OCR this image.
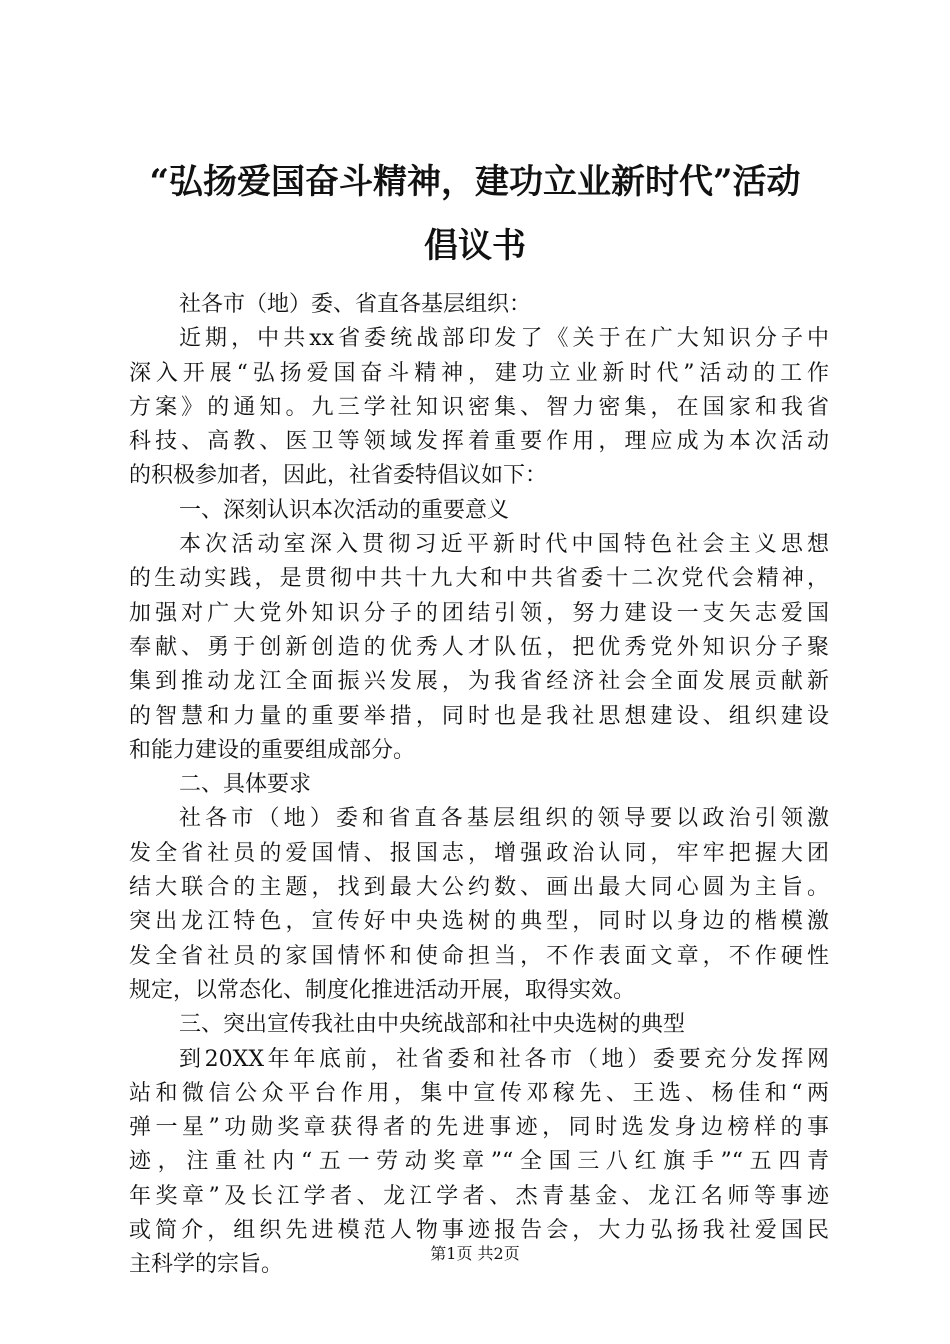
“弘扬爱国奋斗精神，建功立业新时代”活动
倡议书
社各市（地）委、省直各基层组织：
近期，中共xx省委统战部印发了《关于在广大知识分子中
深入开展“弘扬爱国奋斗精神，建功立业新时代”活动的工作
方案》的通知。九三学社知识密集、智力密集，在国家和我省
科技、高教、医卫等领域发挥着重要作用，理应成为本次活动
的积极参加者，因此，社省委特倡议如下：
一、深刻认识本次活动的重要意义
本次活动室深入贯彻习近平新时代中国特色社会主义思想
的生动实践，是贯彻中共十九大和中共省委十二次党代会精神，
加强对广大党外知识分子的团结引领，努力建设一支矢志爱国
奉献、勇于创新创造的优秀人才队伍，把优秀党外知识分子聚
集到推动龙江全面振兴发展，为我省经济社会全面发展贡献新
的智慧和力量的重要举措，同时也是我社思想建设、组织建设
和能力建设的重要组成部分。
二、具体要求
社各市（地）委和省直各基层组织的领导要以政治引领激
发全省社员的爱国情、报国志，增强政治认同，牢牢把握大团
结大联合的主题，找到最大公约数、画出最大同心圆为主旨。
突出龙江特色，宣传好中央选树的典型，同时以身边的楷模激
发全省社员的家国情怀和使命担当，不作表面文章，不作硬性
规定，以常态化、制度化推进活动开展，取得实效。
三、突出宣传我社由中央统战部和社中央选树的典型
到20XX年年底前，社省委和社各市（地）委要充分发挥网
站和微信公众平台作用，集中宣传邓稼先、王选、杨佳和“两
弹一星”功勋奖章获得者的先进事迹，同时选发身边榜样的事
迹，注重社内“五一劳动奖章”“全国三八红旗手”“五四青
年奖章”及长江学者、龙江学者、杰青基金、龙江名师等事迹
或简介，组织先进模范人物事迹报告会，大力弘扬我社爱国民
主科学的宗旨。	第1页 共2页
